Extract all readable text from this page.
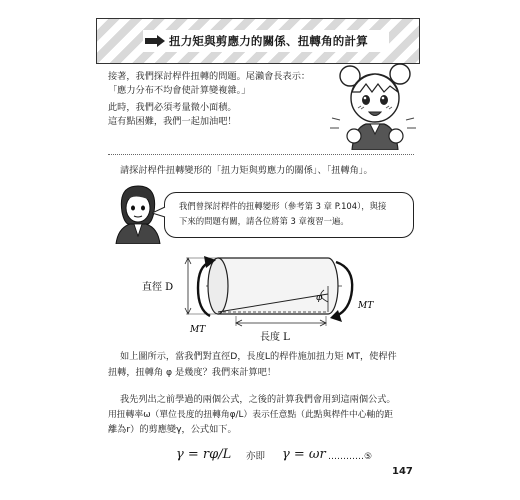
扭力矩與剪應力的關係、扭轉角的計算
接著，我們探討桿件扭轉的問題。尾瀨會長表示：
「應力分布不均會使計算變複雜。」
此時，我們必須考量微小面積。
這有點困難，我們一起加油吧！
請探討桿件扭轉變形的「扭力矩與剪應力的關係」、「扭轉角」。
我們曾探討桿件的扭轉變形（參考第 3 章 P.104），與接
下來的問題有關，請各位將第 3 章複習一遍。
φ
直徑 D
MT
MT
長度 L
如上圖所示，當我們對直徑D，長度L的桿件施加扭力矩 MT，使桿件
扭轉，扭轉角 φ 是幾度？我們來計算吧！
我先列出之前學過的兩個公式，之後的計算我們會用到這兩個公式。
用扭轉率ω（單位長度的扭轉角φ/L）表示任意點（此點與桿件中心軸的距
離為r）的剪應變γ，公式如下。
γ = rφ/L 亦即 γ = ωr …………⑤
147
